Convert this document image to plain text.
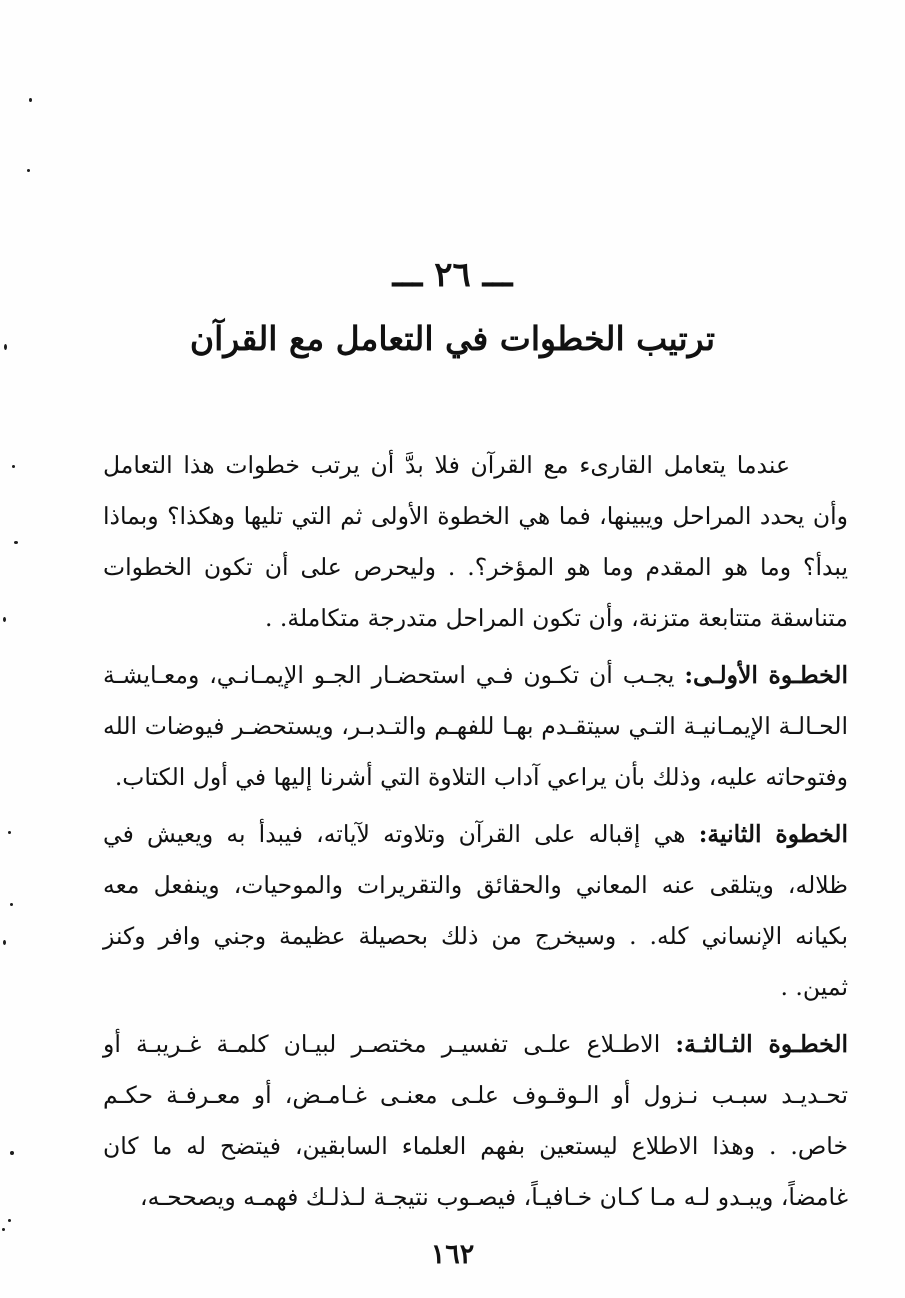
ـــ ٢٦ ـــ
ترتيب الخطوات في التعامل مع القرآن

عندما يتعامل القارىء مع القرآن فلا بدَّ أن يرتب خطوات هذا التعامل وأن يحدد المراحل ويبينها، فما هي الخطوة الأولى ثم التي تليها وهكذا؟ وبماذا يبدأ؟ وما هو المقدم وما هو المؤخر؟. . وليحرص على أن تكون الخطوات متناسقة متتابعة متزنة، وأن تكون المراحل متدرجة متكاملة. .

الخطـوة الأولـى: يجـب أن تكـون فـي استحضـار الجـو الإيمـانـي، ومعـايشـة الحـالـة الإيمـانيـة التـي سيتقـدم بهـا للفهـم والتـدبـر، ويستحضـر فيوضات الله وفتوحاته عليه، وذلك بأن يراعي آداب التلاوة التي أشرنا إليها في أول الكتاب.

الخطوة الثانية: هي إقباله على القرآن وتلاوته لآياته، فيبدأ به ويعيش في ظلاله، ويتلقى عنه المعاني والحقائق والتقريرات والموحيات، وينفعل معه بكيانه الإنساني كله. . وسيخرج من ذلك بحصيلة عظيمة وجني وافر وكنز ثمين. .

الخطـوة الثـالثـة: الاطـلاع علـى تفسيـر مختصـر لبيـان كلمـة غـريبـة أو تحـديـد سبـب نـزول أو الـوقـوف علـى معنـى غـامـض، أو معـرفـة حكـم خاص. . وهذا الاطلاع ليستعين بفهم العلماء السابقين، فيتضح له ما كان غامضاً، ويبـدو لـه مـا كـان خـافيـاً، فيصـوب نتيجـة لـذلـك فهمـه ويصححـه،

١٦٢
